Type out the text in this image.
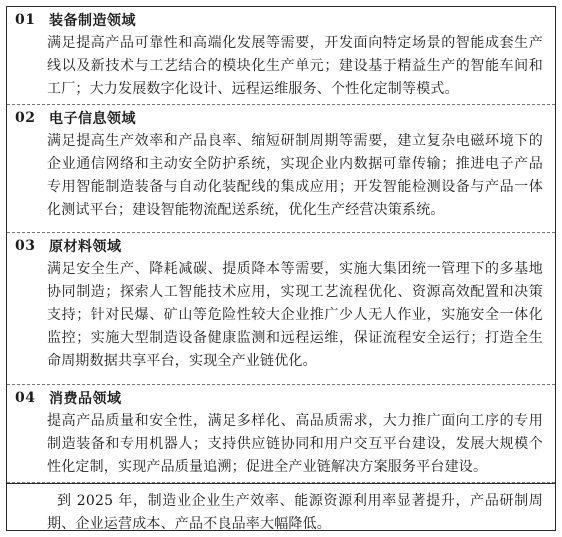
01 装备制造领域
满足提高产品可靠性和高端化发展等需要，开发面向特定场景的智能成套生产线以及新技术与工艺结合的模块化生产单元；建设基于精益生产的智能车间和工厂；大力发展数字化设计、远程运维服务、个性化定制等模式。
02 电子信息领域
满足提高生产效率和产品良率、缩短研制周期等需要，建立复杂电磁环境下的企业通信网络和主动安全防护系统，实现企业内数据可靠传输；推进电子产品专用智能制造装备与自动化装配线的集成应用；开发智能检测设备与产品一体化测试平台；建设智能物流配送系统，优化生产经营决策系统。
03 原材料领域
满足安全生产、降耗减碳、提质降本等需要，实施大集团统一管理下的多基地协同制造；探索人工智能技术应用，实现工艺流程优化、资源高效配置和决策支持；针对民爆、矿山等危险性较大企业推广少人无人作业，实施安全一体化监控；实施大型制造设备健康监测和远程运维，保证流程安全运行；打造全生命周期数据共享平台，实现全产业链优化。
04 消费品领域
提高产品质量和安全性，满足多样化、高品质需求，大力推广面向工序的专用制造装备和专用机器人；支持供应链协同和用户交互平台建设，发展大规模个性化定制，实现产品质量追溯；促进全产业链解决方案服务平台建设。
到 2025 年，制造业企业生产效率、能源资源利用率显著提升，产品研制周期、企业运营成本、产品不良品率大幅降低。
